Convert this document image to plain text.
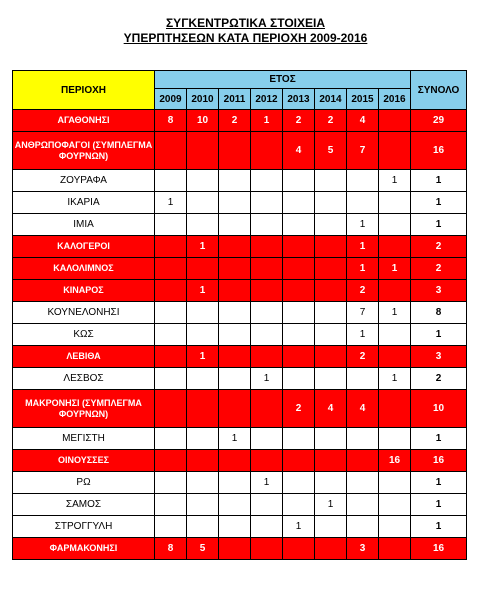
ΣΥΓΚΕΝΤΡΩΤΙΚΑ ΣΤΟΙΧΕΙΑ
ΥΠΕΡΠΤΗΣΕΩΝ ΚΑΤΑ ΠΕΡΙΟΧΗ 2009-2016
ΠΕΡΙΟΧΗ	ΕΤΟΣ								ΣΥΝΟΛΟ
	2009	2010	2011	2012	2013	2014	2015	2016	
ΑΓΑΘΟΝΗΣΙ	8	10	2	1	2	2	4		29
ΑΝΘΡΩΠΟΦΑΓΟΙ (ΣΥΜΠΛΕΓΜΑ ΦΟΥΡΝΩΝ)					4	5	7		16
ΖΟΥΡΑΦΑ								1	1
ΙΚΑΡΙΑ	1								1
ΙΜΙΑ							1		1
ΚΑΛΟΓΕΡΟΙ		1					1		2
ΚΑΛΟΛΙΜΝΟΣ							1	1	2
ΚΙΝΑΡΟΣ		1					2		3
ΚΟΥΝΕΛΟΝΗΣΙ							7	1	8
ΚΩΣ							1		1
ΛΕΒΙΘΑ		1					2		3
ΛΕΣΒΟΣ				1				1	2
ΜΑΚΡΟΝΗΣΙ (ΣΥΜΠΛΕΓΜΑ ΦΟΥΡΝΩΝ)					2	4	4		10
ΜΕΓΙΣΤΗ			1						1
ΟΙΝΟΥΣΣΕΣ								16	16
ΡΩ				1					1
ΣΑΜΟΣ						1			1
ΣΤΡΟΓΓΥΛΗ					1				1
ΦΑΡΜΑΚΟΝΗΣΙ	8	5					3		16
